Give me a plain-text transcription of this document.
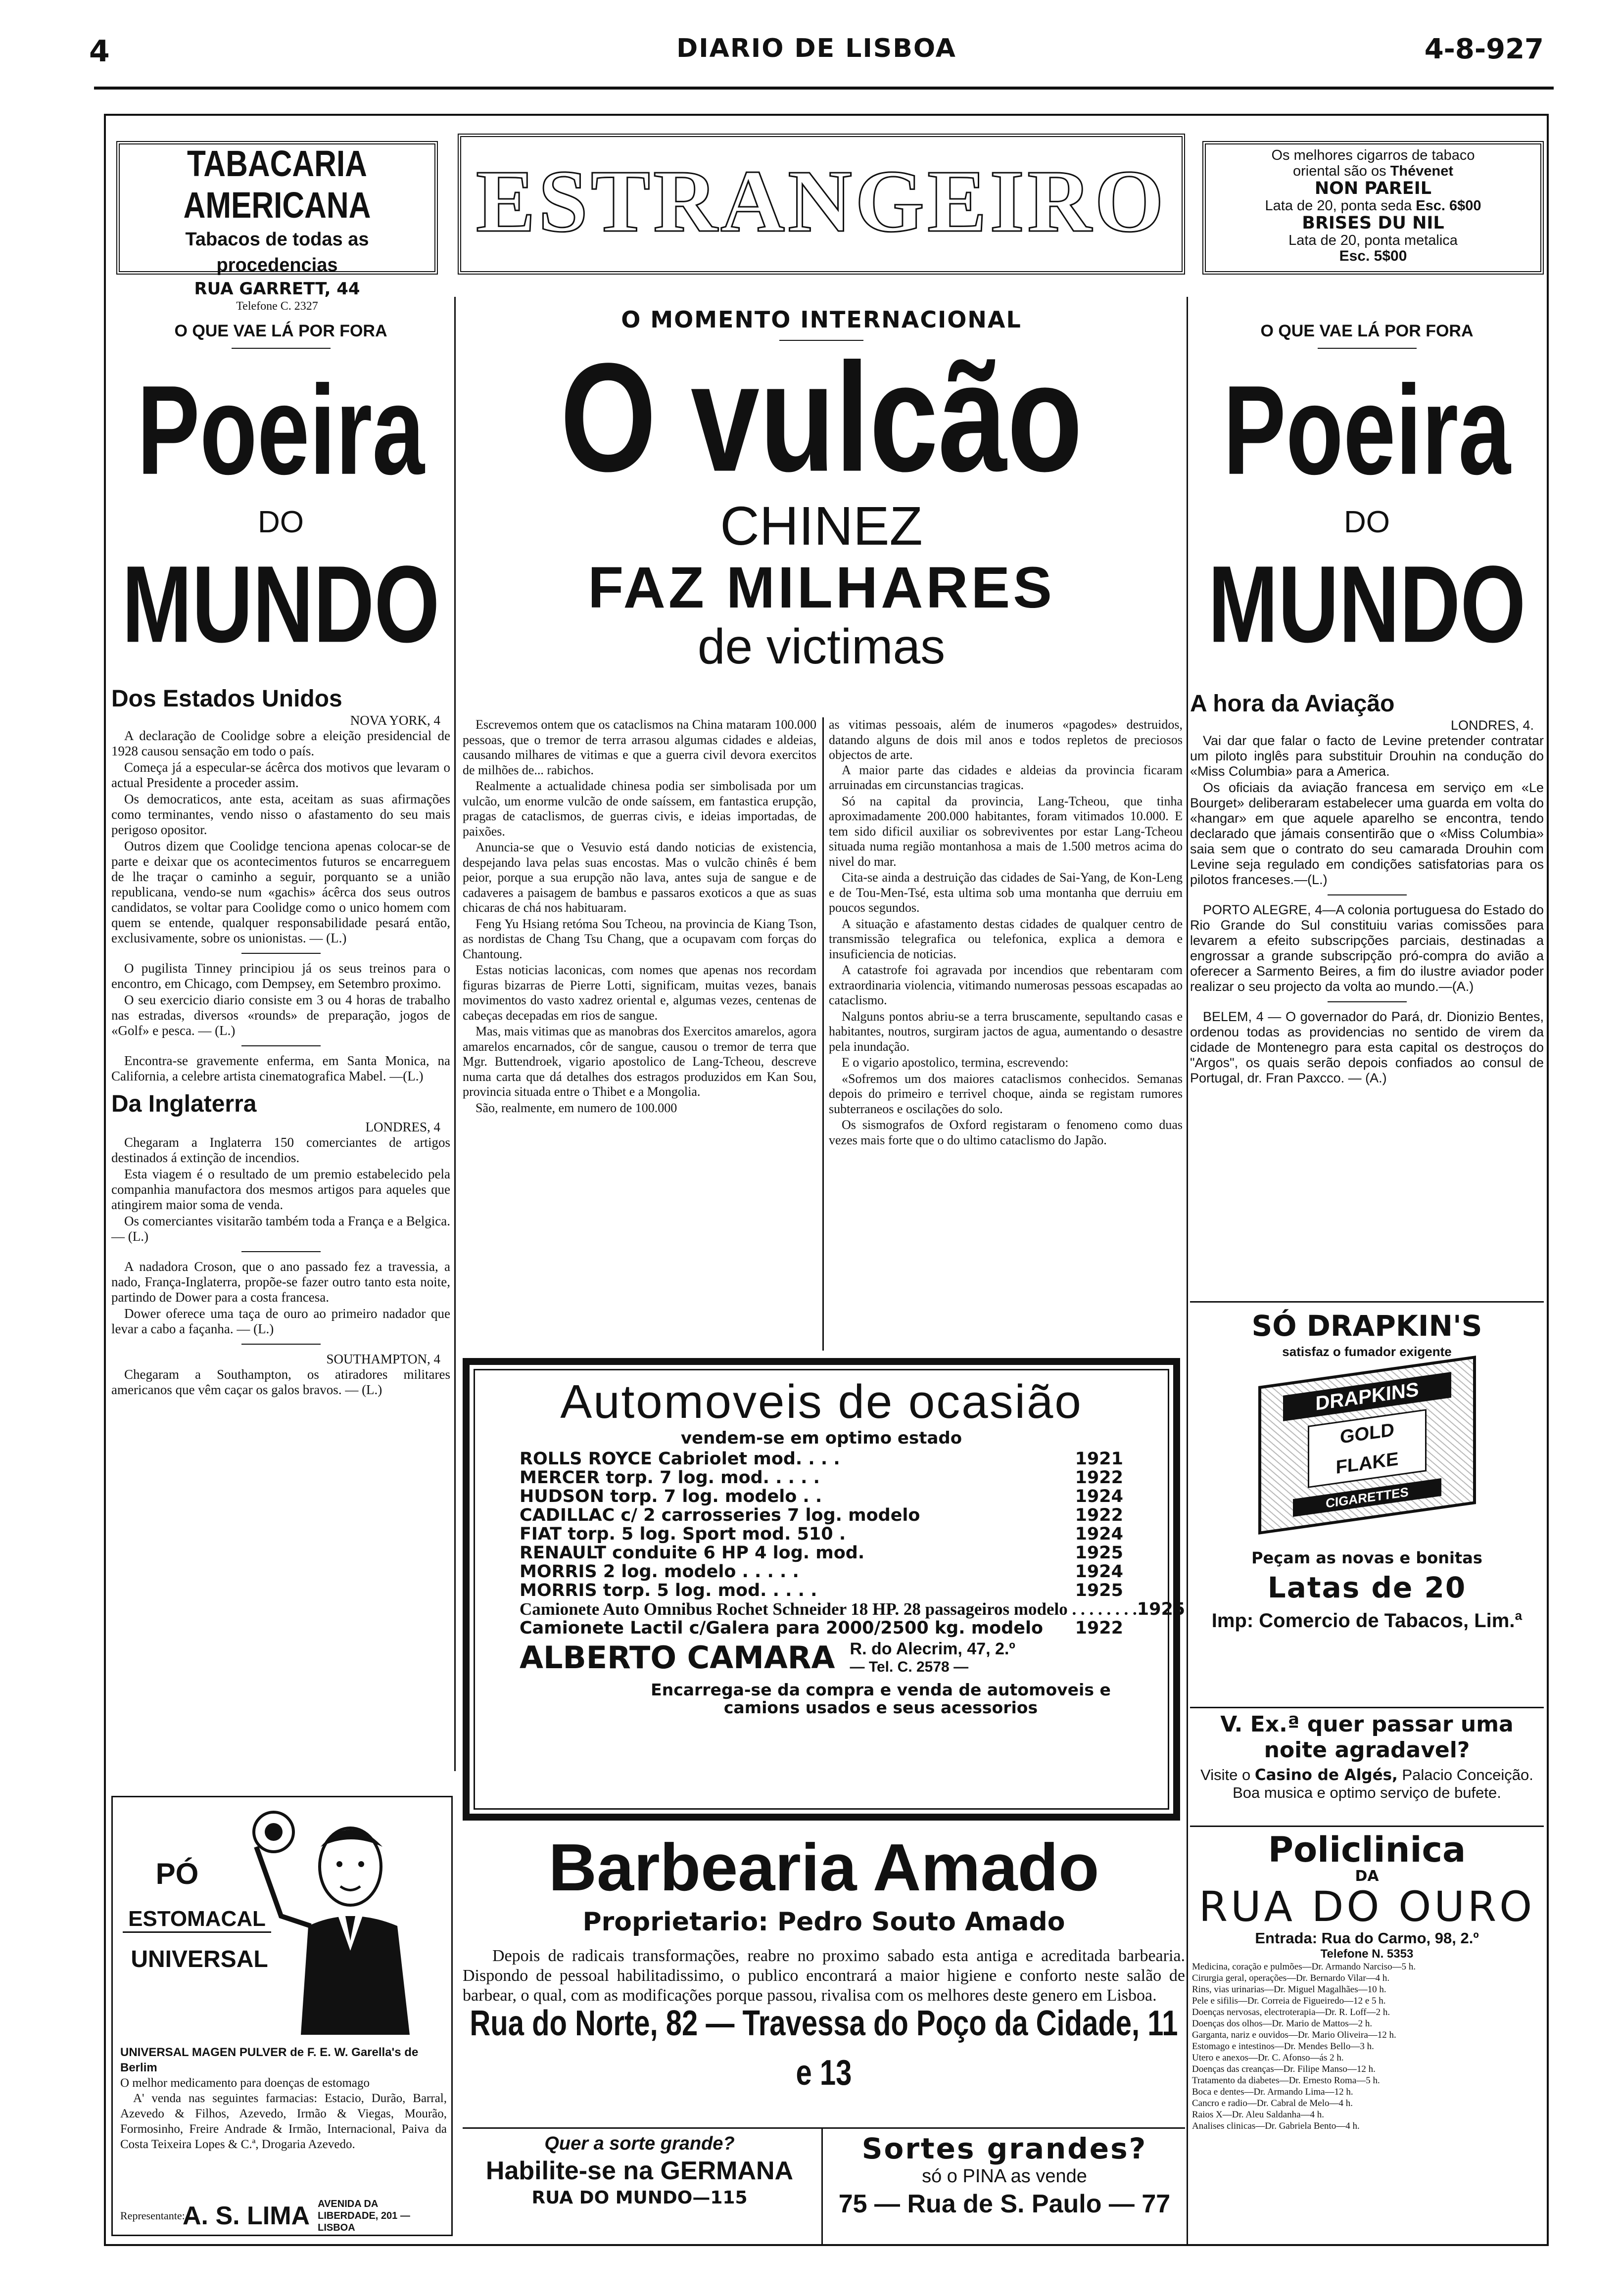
4	DIARIO DE LISBOA	4-8-927
TABACARIA AMERICANA
Tabacos de todas as procedencias
RUA GARRETT, 44
Telefone C. 2327
ESTRANGEIRO	Os melhores cigarros de tabaco
oriental são os Thévenet
NON PAREIL
Lata de 20, ponta seda Esc. 6$00
BRISES DU NIL
Lata de 20, ponta metalica
Esc. 5$00
O QUE VAE LÁ POR FORA
Poeira
DO
MUNDO
Dos Estados Unidos
NOVA YORK, 4

A declaração de Coolidge sobre a eleição presidencial de 1928 causou sensação em todo o país.

Começa já a especular-se ácêrca dos motivos que levaram o actual Presidente a proceder assim.

Os democraticos, ante esta, aceitam as suas afirmações como terminantes, vendo nisso o afastamento do seu mais perigoso opositor.

Outros dizem que Coolidge tenciona apenas colocar-se de parte e deixar que os acontecimentos futuros se encarreguem de lhe traçar o caminho a seguir, porquanto se a união republicana, vendo-se num «gachis» ácêrca dos seus outros candidatos, se voltar para Coolidge como o unico homem com quem se entende, qualquer responsabilidade pesará então, exclusivamente, sobre os unionistas. — (L.)

O pugilista Tinney principiou já os seus treinos para o encontro, em Chicago, com Dempsey, em Setembro proximo.

O seu exercicio diario consiste em 3 ou 4 horas de trabalho nas estradas, diversos «rounds» de preparação, jogos de «Golf» e pesca. — (L.)

Encontra-se gravemente enferma, em Santa Monica, na California, a celebre artista cinematografica Mabel. —(L.)

Da Inglaterra
LONDRES, 4

Chegaram a Inglaterra 150 comerciantes de artigos destinados á extinção de incendios.

Esta viagem é o resultado de um premio estabelecido pela companhia manufactora dos mesmos artigos para aqueles que atingirem maior soma de venda.

Os comerciantes visitarão também toda a França e a Belgica. — (L.)

A nadadora Croson, que o ano passado fez a travessia, a nado, França-Inglaterra, propõe-se fazer outro tanto esta noite, partindo de Dower para a costa francesa.

Dower oferece uma taça de ouro ao primeiro nadador que levar a cabo a façanha. — (L.)

SOUTHAMPTON, 4

Chegaram a Southampton, os atiradores militares americanos que vêm caçar os galos bravos. — (L.)

PÓ
ESTOMACAL
UNIVERSAL
UNIVERSAL MAGEN PULVER de F. E. W. Garella's de Berlim
O melhor medicamento para doenças de estomago
A' venda nas seguintes farmacias: Estacio, Durão, Barral, Azevedo & Filhos, Azevedo, Irmão & Viegas, Mourão, Formosinho, Freire Andrade & Irmão, Internacional, Paiva da Costa Teixeira Lopes & C.ª, Drogaria Azevedo.
Representante:
A. S. LIMA AVENIDA DA LIBERDADE, 201 — LISBOA
O MOMENTO INTERNACIONAL
O vulcão
CHINEZ
FAZ MILHARES
de victimas

Escrevemos ontem que os cataclismos na China mataram 100.000 pessoas, que o tremor de terra arrasou algumas cidades e aldeias, causando milhares de vitimas e que a guerra civil devora exercitos de milhões de... rabichos.

Realmente a actualidade chinesa podia ser simbolisada por um vulcão, um enorme vulcão de onde saíssem, em fantastica erupção, pragas de cataclismos, de guerras civis, e ideias importadas, de paixões.

Anuncia-se que o Vesuvio está dando noticias de existencia, despejando lava pelas suas encostas. Mas o vulcão chinês é bem peior, porque a sua erupção não lava, antes suja de sangue e de cadaveres a paisagem de bambus e passaros exoticos a que as suas chicaras de chá nos habituaram.

Feng Yu Hsiang retóma Sou Tcheou, na provincia de Kiang Tson, as nordistas de Chang Tsu Chang, que a ocupavam com forças do Chantoung.

Estas noticias laconicas, com nomes que apenas nos recordam figuras bizarras de Pierre Lotti, significam, muitas vezes, banais movimentos do vasto xadrez oriental e, algumas vezes, centenas de cabeças decepadas em rios de sangue.

Mas, mais vitimas que as manobras dos Exercitos amarelos, agora amarelos encarnados, côr de sangue, causou o tremor de terra que Mgr. Buttendroek, vigario apostolico de Lang-Tcheou, descreve numa carta que dá detalhes dos estragos produzidos em Kan Sou, provincia situada entre o Thibet e a Mongolia.

São, realmente, em numero de 100.000

as vitimas pessoais, além de inumeros «pagodes» destruidos, datando alguns de dois mil anos e todos repletos de preciosos objectos de arte.

A maior parte das cidades e aldeias da provincia ficaram arruinadas em circunstancias tragicas.

Só na capital da provincia, Lang-Tcheou, que tinha aproximadamente 200.000 habitantes, foram vitimados 10.000. E tem sido dificil auxiliar os sobreviventes por estar Lang-Tcheou situada numa região montanhosa a mais de 1.500 metros acima do nivel do mar.

Cita-se ainda a destruição das cidades de Sai-Yang, de Kon-Leng e de Tou-Men-Tsé, esta ultima sob uma montanha que derruiu em poucos segundos.

A situação e afastamento destas cidades de qualquer centro de transmissão telegrafica ou telefonica, explica a demora e insuficiencia de noticias.

A catastrofe foi agravada por incendios que rebentaram com extraordinaria violencia, vitimando numerosas pessoas escapadas ao cataclismo.

Nalguns pontos abriu-se a terra bruscamente, sepultando casas e habitantes, noutros, surgiram jactos de agua, aumentando o desastre pela inundação.

E o vigario apostolico, termina, escrevendo:

«Sofremos um dos maiores cataclismos conhecidos. Semanas depois do primeiro e terrivel choque, ainda se registam rumores subterraneos e oscilações do solo.

Os sismografos de Oxford registaram o fenomeno como duas vezes mais forte que o do ultimo cataclismo do Japão.

Automoveis de ocasião
vendem-se em optimo estado
ROLLS ROYCE Cabriolet mod. . . .	1921
MERCER torp. 7 log. mod. . . . .	1922
HUDSON torp. 7 log. modelo . .	1924
CADILLAC c/ 2 carrosseries 7 log. modelo	1922
FIAT torp. 5 log. Sport mod. 510 .	1924
RENAULT conduite 6 HP 4 log. mod.	1925
MORRIS 2 log. modelo . . . . .	1924
MORRIS torp. 5 log. mod. . . . .	1925
Camionete Auto Omnibus Rochet Schneider 18 HP. 28 passageiros modelo . . . . . . . . 1925
Camionete Lactil c/Galera para 2000/2500 kg. modelo	1922
ALBERTO CAMARA R. do Alecrim, 47, 2.º
— Tel. C. 2578 —
Encarrega-se da compra e venda de automoveis e camions usados e seus acessorios
Barbearia Amado
Proprietario: Pedro Souto Amado
Depois de radicais transformações, reabre no proximo sabado esta antiga e acreditada barbearia. Dispondo de pessoal habilitadissimo, o publico encontrará a maior higiene e conforto neste salão de barbear, o qual, com as modificações porque passou, rivalisa com os melhores deste genero em Lisboa.
Rua do Norte, 82 — Travessa do Poço da Cidade, 11 e 13
Quer a sorte grande?
Habilite-se na GERMANA
RUA DO MUNDO—115
Sortes grandes?
só o PINA as vende
75 — Rua de S. Paulo — 77
O QUE VAE LÁ POR FORA
Poeira
DO
MUNDO
A hora da Aviação
LONDRES, 4.

Vai dar que falar o facto de Levine pretender contratar um piloto inglês para substituir Drouhin na condução do «Miss Columbia» para a America.

Os oficiais da aviação francesa em serviço em «Le Bourget» deliberaram estabelecer uma guarda em volta do «hangar» em que aquele aparelho se encontra, tendo declarado que jámais consentirão que o «Miss Columbia» saia sem que o contrato do seu camarada Drouhin com Levine seja regulado em condições satisfatorias para os pilotos franceses.—(L.)

PORTO ALEGRE, 4—A colonia portuguesa do Estado do Rio Grande do Sul constituiu varias comissões para levarem a efeito subscripções parciais, destinadas a engrossar a grande subscripção pró-compra do avião a oferecer a Sarmento Beires, a fim do ilustre aviador poder realizar o seu projecto da volta ao mundo.—(A.)

BELEM, 4 — O governador do Pará, dr. Dionizio Bentes, ordenou todas as providencias no sentido de virem da cidade de Montenegro para esta capital os destroços do "Argos", os quais serão depois confiados ao consul de Portugal, dr. Fran Paxcco. — (A.)

SÓ DRAPKIN'S
satisfaz o fumador exigente
DRAPKINS
GOLD FLAKE
CIGARETTES
Peçam as novas e bonitas
Latas de 20
Imp: Comercio de Tabacos, Lim.ª
V. Ex.ª quer passar uma noite agradavel?
Visite o Casino de Algés, Palacio Conceição. Boa musica e optimo serviço de bufete.
Policlinica
DA
RUA DO OURO
Entrada: Rua do Carmo, 98, 2.º
Telefone N. 5353
Medicina, coração e pulmões—Dr. Armando Narciso—5 h.
Cirurgia geral, operações—Dr. Bernardo Vilar—4 h.
Rins, vias urinarias—Dr. Miguel Magalhães—10 h.
Pele e sifilis—Dr. Correia de Figueiredo—12 e 5 h.
Doenças nervosas, electroterapia—Dr. R. Loff—2 h.
Doenças dos olhos—Dr. Mario de Mattos—2 h.
Garganta, nariz e ouvidos—Dr. Mario Oliveira—12 h.
Estomago e intestinos—Dr. Mendes Bello—3 h.
Utero e anexos—Dr. C. Afonso—ás 2 h.
Doenças das creanças—Dr. Filipe Manso—12 h.
Tratamento da diabetes—Dr. Ernesto Roma—5 h.
Boca e dentes—Dr. Armando Lima—12 h.
Cancro e radio—Dr. Cabral de Melo—4 h.
Raios X—Dr. Aleu Saldanha—4 h.
Analises clinicas—Dr. Gabriela Bento—4 h.
